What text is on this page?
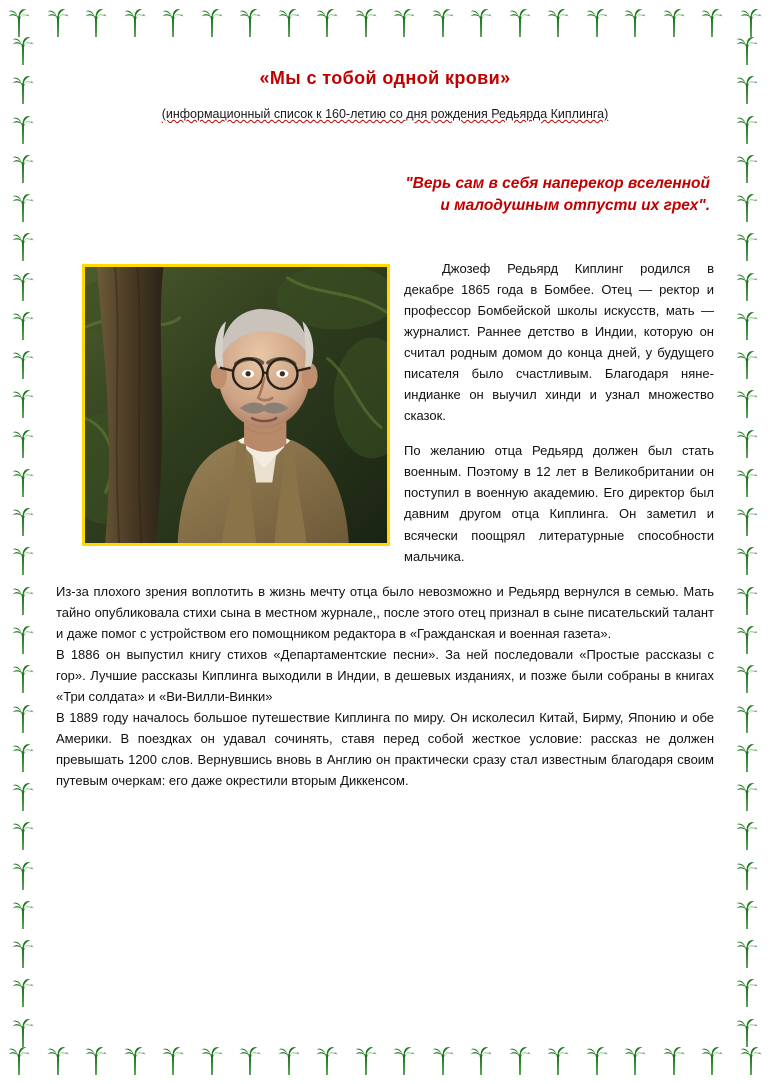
«Мы с тобой одной крови»
(информационный список к 160-летию со дня рождения Редьярда Киплинга)
"Верь сам в себя наперекор вселенной
и малодушным отпусти их грех".

Джозеф Редьярд Киплинг родился в декабре 1865 года в Бомбее. Отец — ректор и профессор Бомбейской школы искусств, мать — журналист. Раннее детство в Индии, которую он считал родным домом до конца дней, у будущего писателя было счастливым. Благодаря няне-индианке он выучил хинди и узнал множество сказок.

По желанию отца Редьярд должен был стать военным. Поэтому в 12 лет в Великобритании он поступил в военную академию. Его директор был давним другом отца Киплинга. Он заметил и всячески поощрял литературные способности мальчика.

Из-за плохого зрения воплотить в жизнь мечту отца было невозможно и Редьярд вернулся в семью. Мать тайно опубликовала стихи сына в местном журнале,, после этого отец признал в сыне писательский талант и даже помог с устройством его помощником редактора в «Гражданская и военная газета».

В 1886 он выпустил книгу стихов «Департаментские песни». За ней последовали «Простые рассказы с гор». Лучшие рассказы Киплинга выходили в Индии, в дешевых изданиях, и позже были собраны в книгах «Три солдата» и «Ви-Вилли-Винки»

В 1889 году началось большое путешествие Киплинга по миру. Он исколесил Китай, Бирму, Японию и обе Америки. В поездках он удавал сочинять, ставя перед собой жесткое условие: рассказ не должен превышать 1200 слов. Вернувшись вновь в Англию он практически сразу стал известным благодаря своим путевым очеркам: его даже окрестили вторым Диккенсом.
